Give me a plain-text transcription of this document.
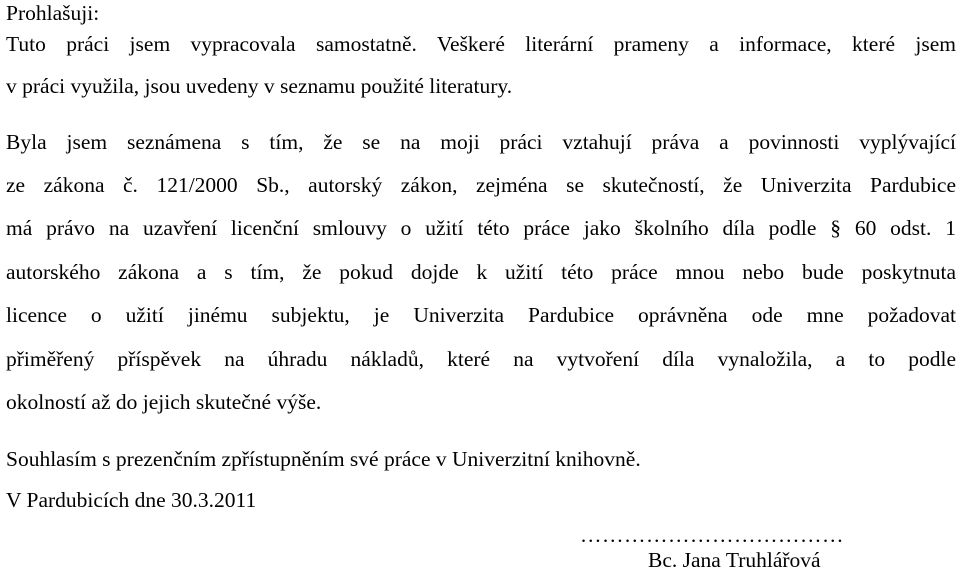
Prohlašuji:
Tuto práci jsem vypracovala samostatně. Veškeré literární prameny a informace, které jsem
v práci využila, jsou uvedeny v seznamu použité literatury.
Byla jsem seznámena s tím, že se na moji práci vztahují práva a povinnosti vyplývající
ze zákona č. 121/2000 Sb., autorský zákon, zejména se skutečností, že Univerzita Pardubice
má právo na uzavření licenční smlouvy o užití této práce jako školního díla podle § 60 odst. 1
autorského zákona a s tím, že pokud dojde k užití této práce mnou nebo bude poskytnuta
licence o užití jinému subjektu, je Univerzita Pardubice oprávněna ode mne požadovat
přiměřený příspěvek na úhradu nákladů, které na vytvoření díla vynaložila, a to podle
okolností až do jejich skutečné výše.
Souhlasím s prezenčním zpřístupněním své práce v Univerzitní knihovně.
V Pardubicích dne 30.3.2011
………………………………
Bc. Jana Truhlářová
